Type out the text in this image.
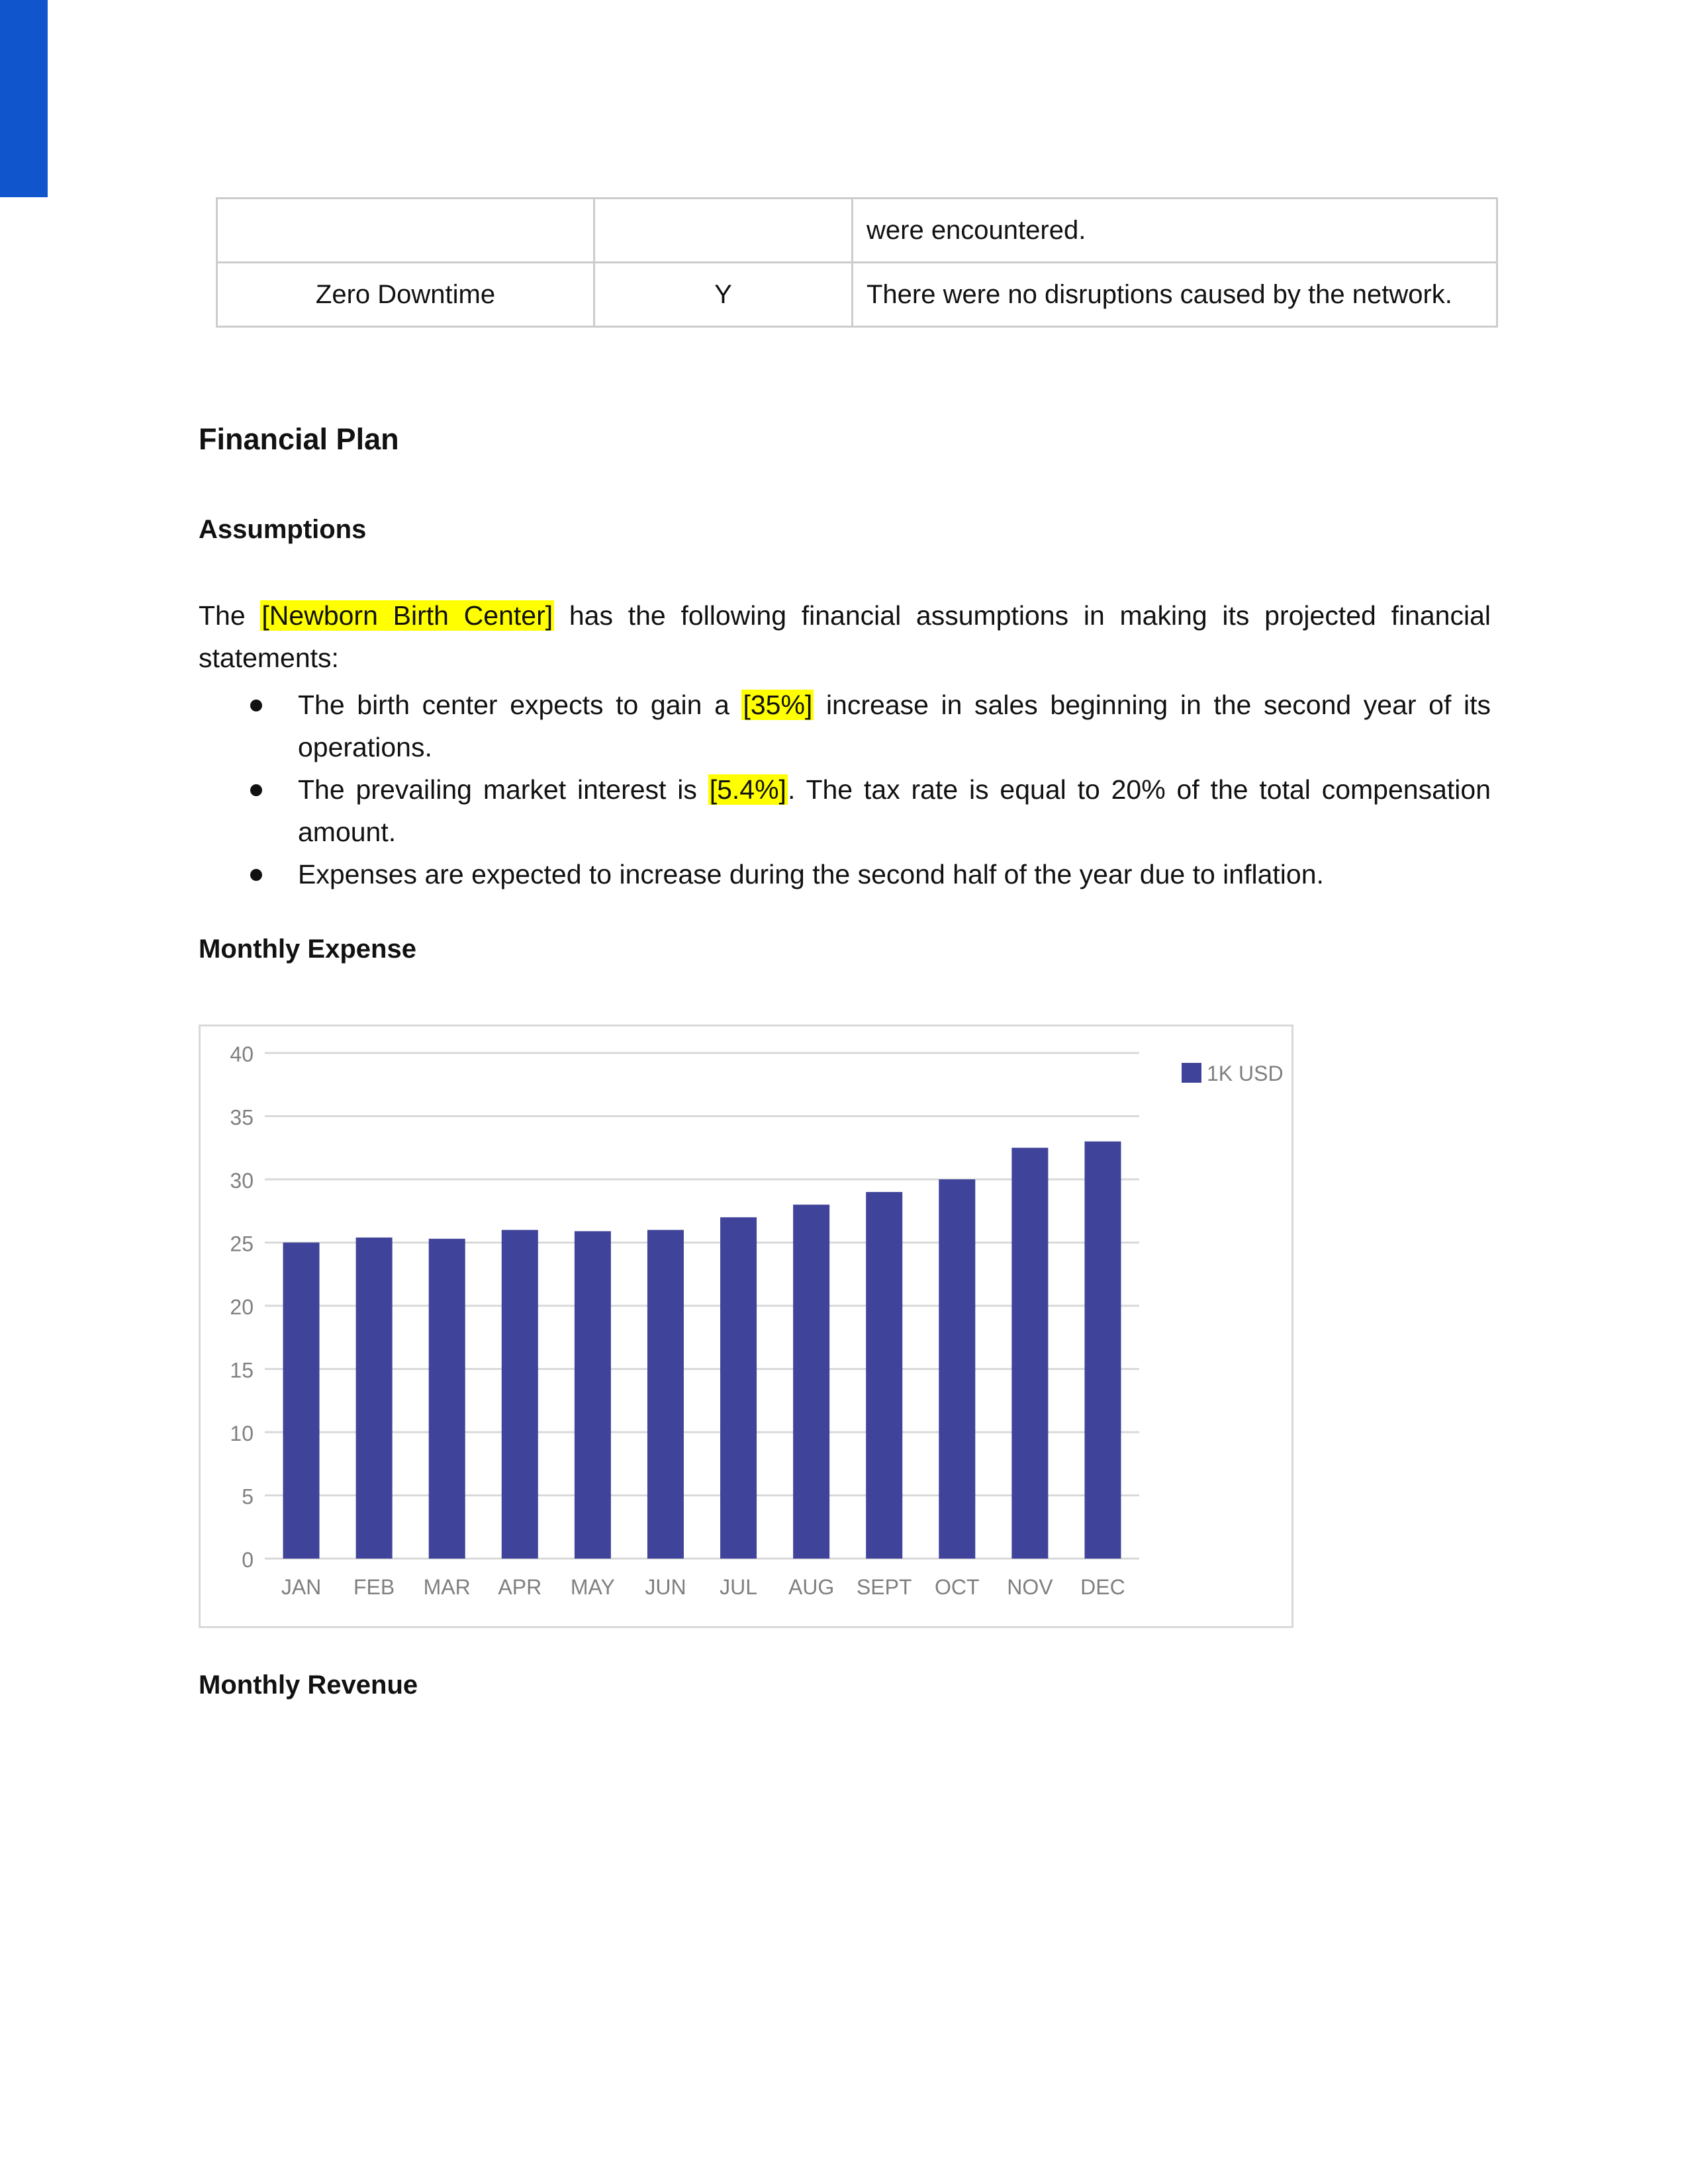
		were encountered.
Zero Downtime	Y	There were no disruptions caused by the network.
Financial Plan
Assumptions

The [Newborn Birth Center] has the following financial assumptions in making its projected financial statements:

The birth center expects to gain a [35%] increase in sales beginning in the second year of its operations.
The prevailing market interest is [5.4%]. The tax rate is equal to 20% of the total compensation amount.
Expenses are expected to increase during the second half of the year due to inflation.
Monthly Expense
0
5
10
15
20
25
30
35
40
JAN FEB MAR APR MAY JUN JUL AUG SEPT OCT NOV DEC
1K USD
Monthly Revenue
